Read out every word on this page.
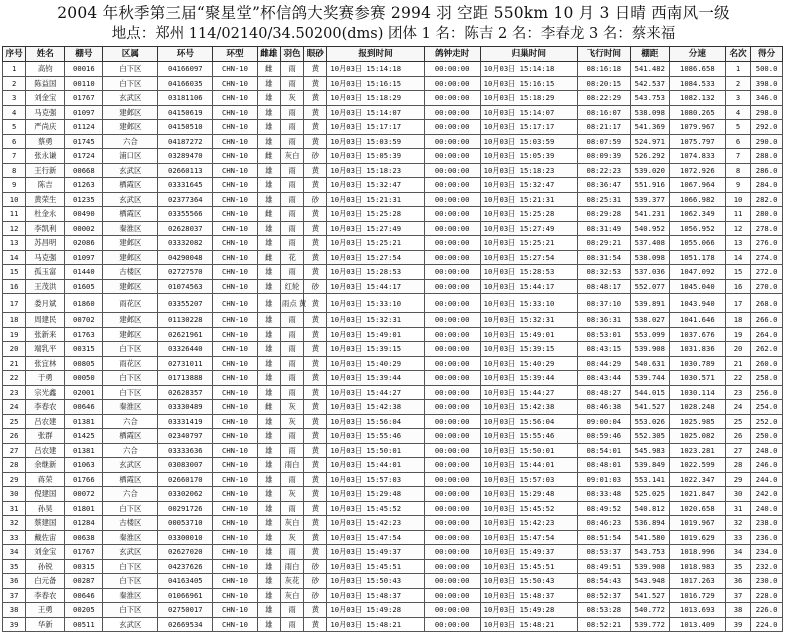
2004 年秋季第三届“聚星堂”杯信鸽大奖赛参赛 2994 羽 空距 550km 10 月 3 日晴 西南风一级
地点：郑州 114/02140/34.50200(dms) 团体 1 名：陈吉 2 名：李春龙 3 名：蔡来福
序号	姓名	棚号	区属	环号	环型	雌雄	羽色	眼砂	报到时间	鸽钟走时	归巢时间	飞行时间	棚距	分速	名次	得分
1	高钧	00016	白下区	04166097	CHN-10	雌	雨	黄	10月03日 15:14:18	00:00:00	10月03日 15:14:18	08:16:18	541.482	1086.658	1	500.0
2	陈益国	00110	白下区	04166035	CHN-10	雄	雨	黄	10月03日 15:16:15	00:00:00	10月03日 15:16:15	08:20:15	542.537	1084.533	2	398.0
3	刘金宝	01767	玄武区	03181106	CHN-10	雄	灰	黄	10月03日 15:18:29	00:00:00	10月03日 15:18:29	08:22:29	543.753	1082.132	3	346.0
4	马克强	01097	建邺区	04150619	CHN-10	雄	雨	黄	10月03日 15:14:07	00:00:00	10月03日 15:14:07	08:16:07	538.098	1080.265	4	298.0
5	严尚庆	01124	建邺区	04150510	CHN-10	雄	雨	黄	10月03日 15:17:17	00:00:00	10月03日 15:17:17	08:21:17	541.369	1079.967	5	292.0
6	蔡勇	01745	六合	04187272	CHN-10	雄	雨	黄	10月03日 15:03:59	00:00:00	10月03日 15:03:59	08:07:59	524.971	1075.797	6	290.0
7	张永谦	01724	浦口区	03289470	CHN-10	雌	灰白	砂	10月03日 15:05:39	00:00:00	10月03日 15:05:39	08:09:39	526.292	1074.833	7	288.0
8	王行新	00668	玄武区	02660113	CHN-10	雄	雨	黄	10月03日 15:18:23	00:00:00	10月03日 15:18:23	08:22:23	539.020	1072.926	8	286.0
9	陈吉	01263	栖霞区	03331645	CHN-10	雄	雨	黄	10月03日 15:32:47	00:00:00	10月03日 15:32:47	08:36:47	551.916	1067.964	9	284.0
10	黄荣生	01235	玄武区	02377364	CHN-10	雄	雨	砂	10月03日 15:21:31	00:00:00	10月03日 15:21:31	08:25:31	539.377	1066.982	10	282.0
11	杜金永	00490	栖霞区	03355566	CHN-10	雌	雨	黄	10月03日 15:25:28	00:00:00	10月03日 15:25:28	08:29:28	541.231	1062.349	11	280.0
12	李凯利	00002	秦淮区	02628037	CHN-10	雄	雨	黄	10月03日 15:27:49	00:00:00	10月03日 15:27:49	08:31:49	540.952	1056.952	12	278.0
13	苏昌明	02086	建邺区	03332082	CHN-10	雄	雨	黄	10月03日 15:25:21	00:00:00	10月03日 15:25:21	08:29:21	537.408	1055.066	13	276.0
14	马克强	01097	建邺区	04290048	CHN-10	雌	花	黄	10月03日 15:27:54	00:00:00	10月03日 15:27:54	08:31:54	538.098	1051.178	14	274.0
15	孤玉富	01440	古楼区	02727570	CHN-10	雄	雨	黄	10月03日 15:28:53	00:00:00	10月03日 15:28:53	08:32:53	537.036	1047.092	15	272.0
16	王茂洪	01605	建邺区	01074563	CHN-10	雄	红轮	砂	10月03日 15:44:17	00:00:00	10月03日 15:44:17	08:48:17	552.077	1045.040	16	270.0
17	娄月斌	01860	雨花区	03355207	CHN-10	雄	雨点 黄	黄	10月03日 15:33:10	00:00:00	10月03日 15:33:10	08:37:10	539.891	1043.940	17	268.0
18	周建民	00702	建邺区	01130228	CHN-10	雄	雨	黄	10月03日 15:32:31	00:00:00	10月03日 15:32:31	08:36:31	538.027	1041.646	18	266.0
19	张新来	01763	建邺区	02621961	CHN-10	雄	雨	黄	10月03日 15:49:01	00:00:00	10月03日 15:49:01	08:53:01	553.099	1037.676	19	264.0
20	端乳平	00315	白下区	03326440	CHN-10	雄	雨	黄	10月03日 15:39:15	00:00:00	10月03日 15:39:15	08:43:15	539.908	1031.836	20	262.0
21	张宜林	00805	雨花区	02731011	CHN-10	雄	雨	黄	10月03日 15:40:29	00:00:00	10月03日 15:40:29	08:44:29	540.631	1030.789	21	260.0
22	于勇	00050	白下区	01713888	CHN-10	雄	雨	黄	10月03日 15:39:44	00:00:00	10月03日 15:39:44	08:43:44	539.744	1030.571	22	258.0
23	宗光鑫	02001	白下区	02628357	CHN-10	雄	雨	黄	10月03日 15:44:27	00:00:00	10月03日 15:44:27	08:48:27	544.015	1030.114	23	256.0
24	李春农	00646	秦淮区	03330489	CHN-10	雌	灰	黄	10月03日 15:42:38	00:00:00	10月03日 15:42:38	08:46:38	541.527	1028.248	24	254.0
25	吕农建	01381	六合	03331419	CHN-10	雄	灰	黄	10月03日 15:56:04	00:00:00	10月03日 15:56:04	09:00:04	553.026	1025.985	25	252.0
26	张群	01425	栖霞区	02340797	CHN-10	雄	雨	黄	10月03日 15:55:46	00:00:00	10月03日 15:55:46	08:59:46	552.305	1025.082	26	250.0
27	吕农建	01381	六合	03333636	CHN-10	雄	雨	黄	10月03日 15:50:01	00:00:00	10月03日 15:50:01	08:54:01	545.983	1023.281	27	248.0
28	余继新	01063	玄武区	03083007	CHN-10	雄	雨白	黄	10月03日 15:44:01	00:00:00	10月03日 15:44:01	08:48:01	539.849	1022.599	28	246.0
29	蒋荣	01766	栖霞区	02660170	CHN-10	雄	雨	黄	10月03日 15:57:03	00:00:00	10月03日 15:57:03	09:01:03	553.141	1022.347	29	244.0
30	倪建国	00072	六合	03302062	CHN-10	雄	灰	黄	10月03日 15:29:48	00:00:00	10月03日 15:29:48	08:33:48	525.025	1021.847	30	242.0
31	孙昊	01801	白下区	00291726	CHN-10	雄	雨	黄	10月03日 15:45:52	00:00:00	10月03日 15:45:52	08:49:52	540.812	1020.658	31	240.0
32	蔡建国	01284	古楼区	00053710	CHN-10	雄	灰白	黄	10月03日 15:42:23	00:00:00	10月03日 15:42:23	08:46:23	536.894	1019.967	32	238.0
33	戴佐宙	00638	秦淮区	03300010	CHN-10	雄	灰	黄	10月03日 15:47:54	00:00:00	10月03日 15:47:54	08:51:54	541.580	1019.629	33	236.0
34	刘金宝	01767	玄武区	02627020	CHN-10	雄	雨	黄	10月03日 15:49:37	00:00:00	10月03日 15:49:37	08:53:37	543.753	1018.996	34	234.0
35	孙锐	00315	白下区	04237626	CHN-10	雄	雨白	砂	10月03日 15:45:51	00:00:00	10月03日 15:45:51	08:49:51	539.908	1018.983	35	232.0
36	白元备	00287	白下区	04163405	CHN-10	雄	灰花	砂	10月03日 15:50:43	00:00:00	10月03日 15:50:43	08:54:43	543.948	1017.263	36	230.0
37	李春农	00646	秦淮区	01066961	CHN-10	雄	灰白	砂	10月03日 15:48:37	00:00:00	10月03日 15:48:37	08:52:37	541.527	1016.729	37	228.0
38	王勇	00205	白下区	02750017	CHN-10	雄	雨	黄	10月03日 15:49:28	00:00:00	10月03日 15:49:28	08:53:28	540.772	1013.693	38	226.0
39	华新	00511	玄武区	02669534	CHN-10	雄	雨	黄	10月03日 15:48:21	00:00:00	10月03日 15:48:21	08:52:21	539.772	1013.409	39	224.0
